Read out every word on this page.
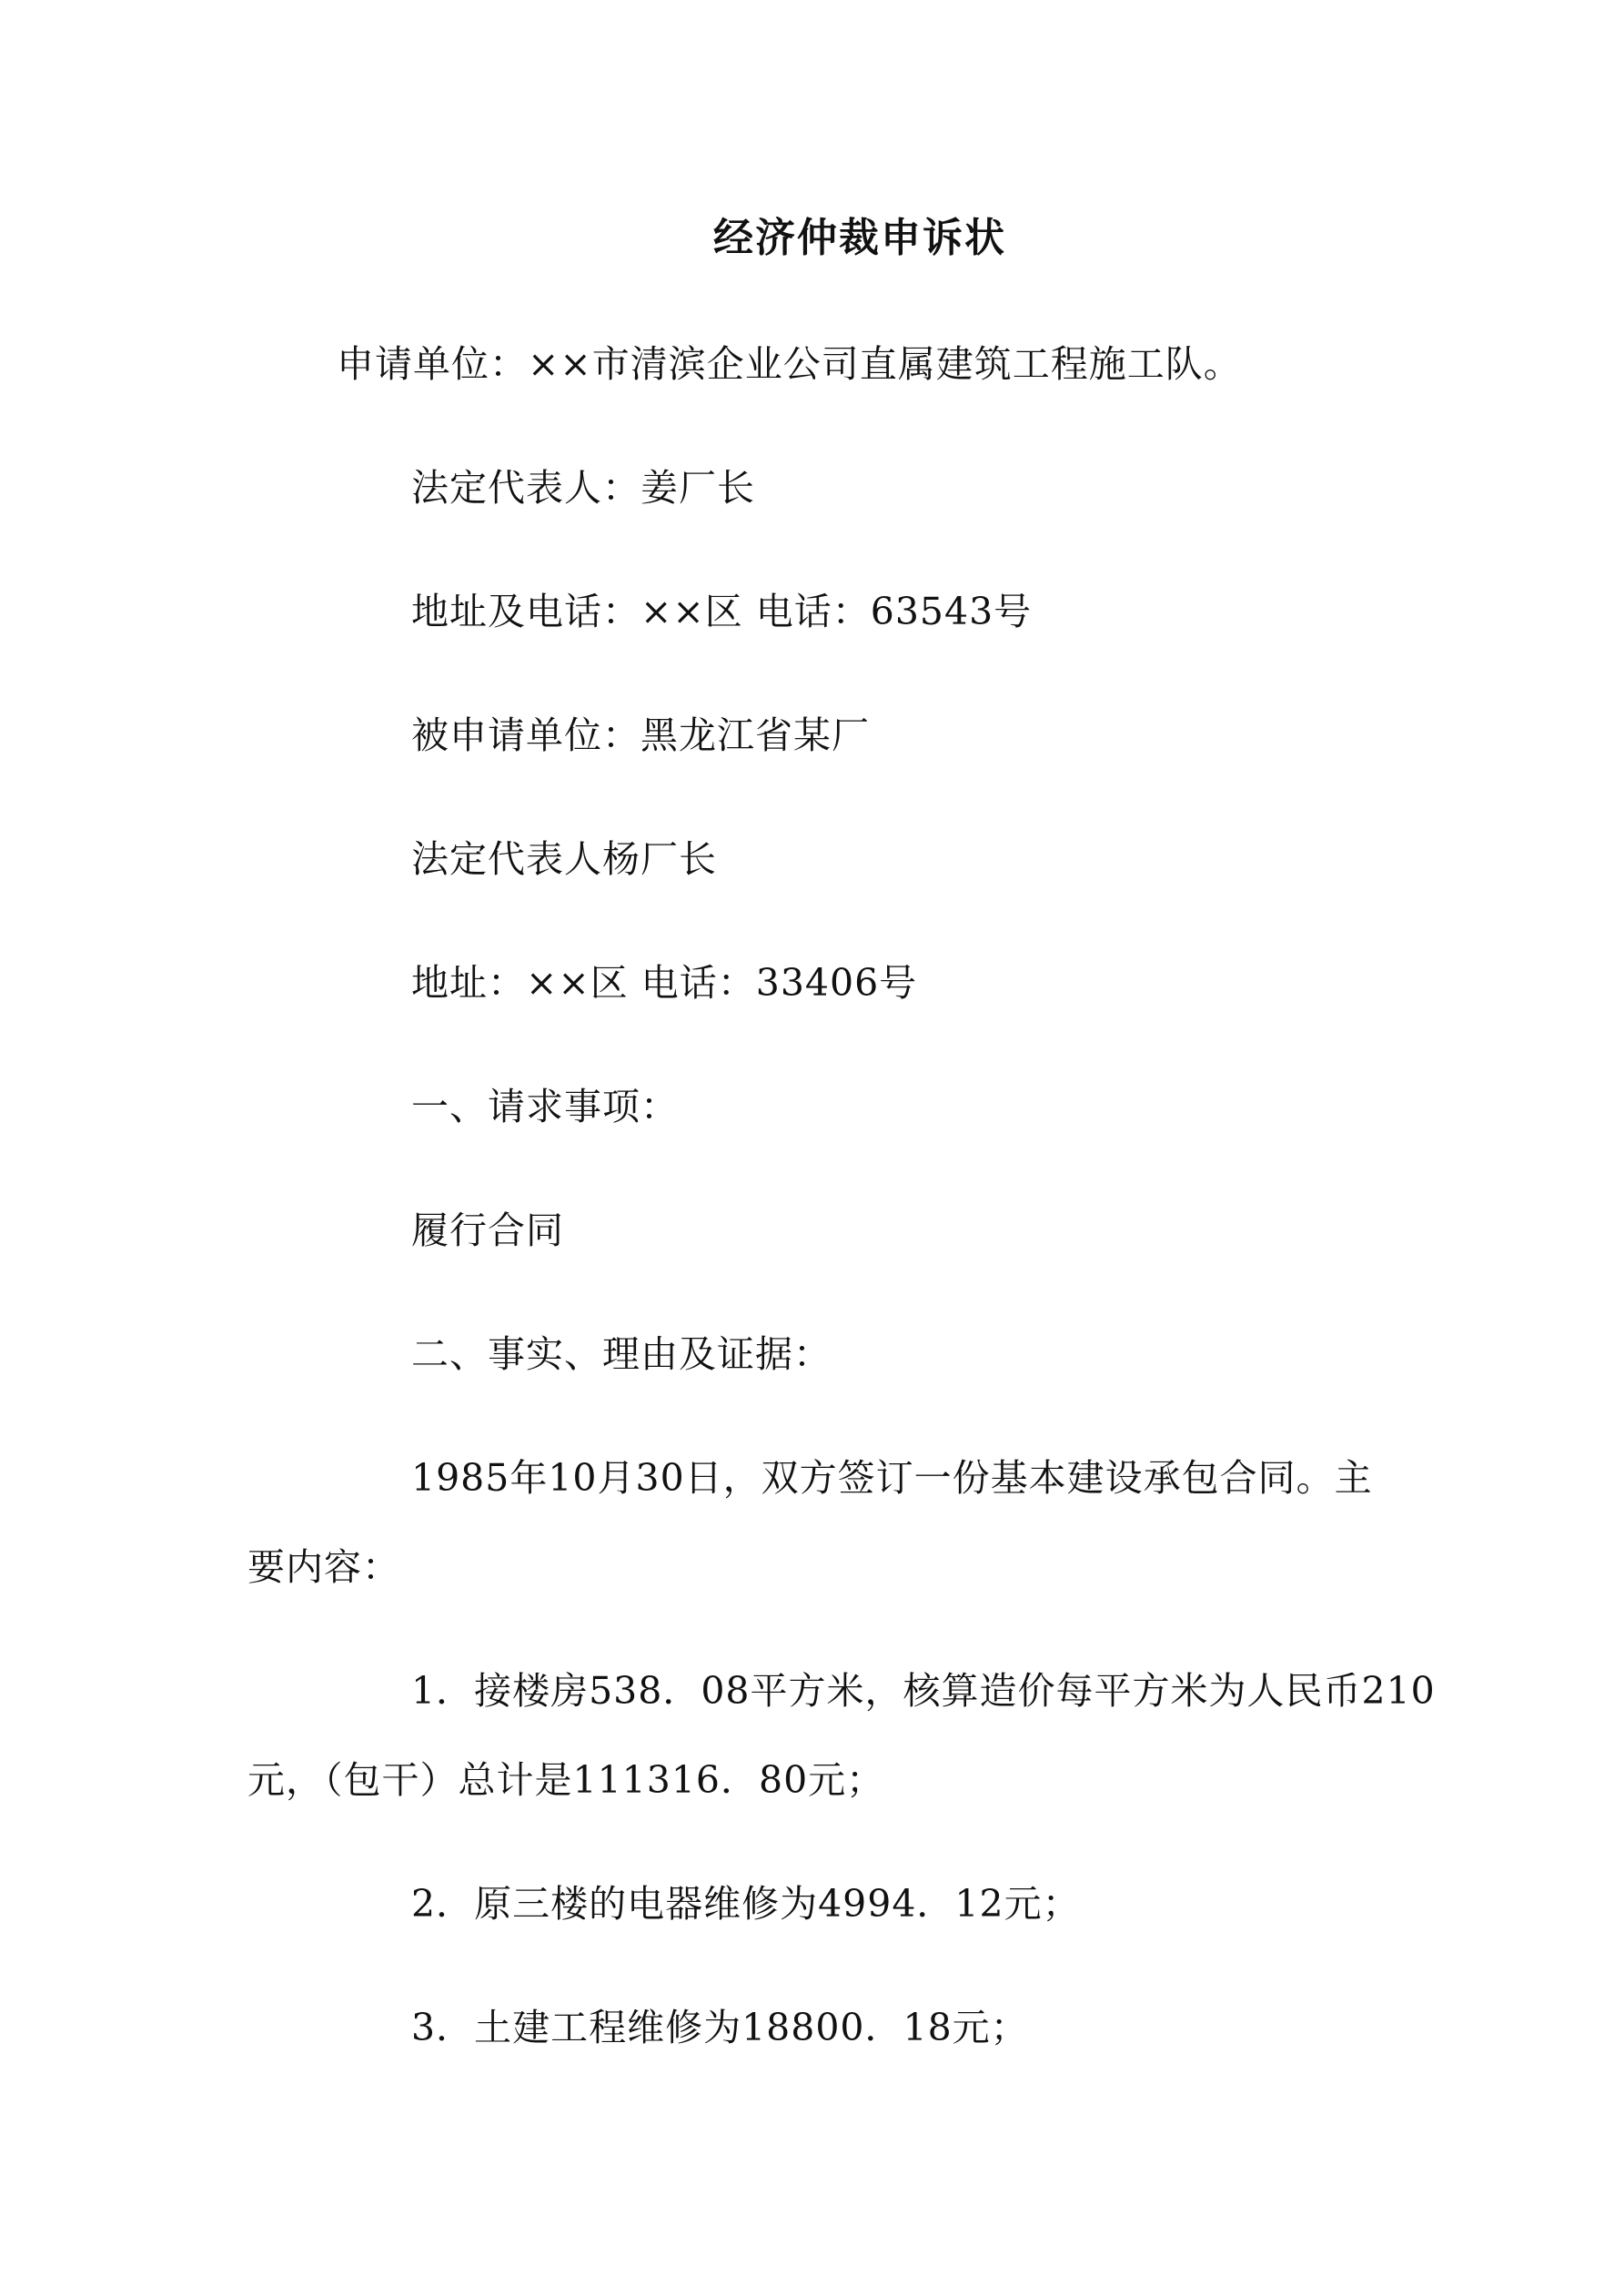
经济仲裁申诉状
申请单位：××市清滨企业公司直属建筑工程施工队。
法定代表人：姜厂长
地址及电话：××区 电话：63543号
被申请单位：黑龙江省某厂
法定代表人杨厂长
地址：××区 电话：33406号
一、请求事项：
履行合同
二、事实、理由及证据：
1985年10月30日，双方签订一份基本建设承包合同。主
要内容：
1．接楼房538．08平方米，核算造价每平方米为人民币210
元，（包干）总计是111316．80元；
2．原三楼的电器维修为4994．12元；
3．土建工程维修为18800．18元；
